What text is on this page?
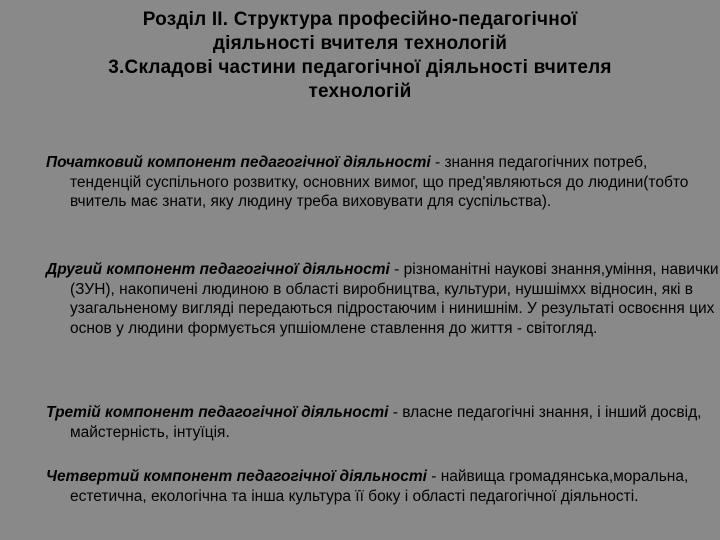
Розділ ІІ. Структура професійно-педагогічної
діяльності вчителя технологій
3.Складові частини педагогічної діяльності вчителя
технологій

Початковий компонент педагогічної діяльності - знання педагогічних потреб, тенденцій суспільного розвитку, основних вимог, що пред'являються до людини(тобто вчитель має знати, яку людину треба виховувати для суспільства).

Другий компонент педагогічної діяльності - різноманітні наукові знання,уміння, навички (ЗУН), накопичені людиною в області виробництва, культури, нушшімхх відносин, які в узагальненому вигляді передаються підростаючим і нинишнім. У результаті освоєння цих основ у людини формується упшіомлене ставлення до життя - світогляд.

Третій компонент педагогічної діяльності - власне педагогічні знання, і інший досвід, майстерність, інтуїція.

Четвертий компонент педагогічної діяльності - найвища громадянська,моральна, естетична, екологічна та інша культура її боку і області педагогічної діяльності.
